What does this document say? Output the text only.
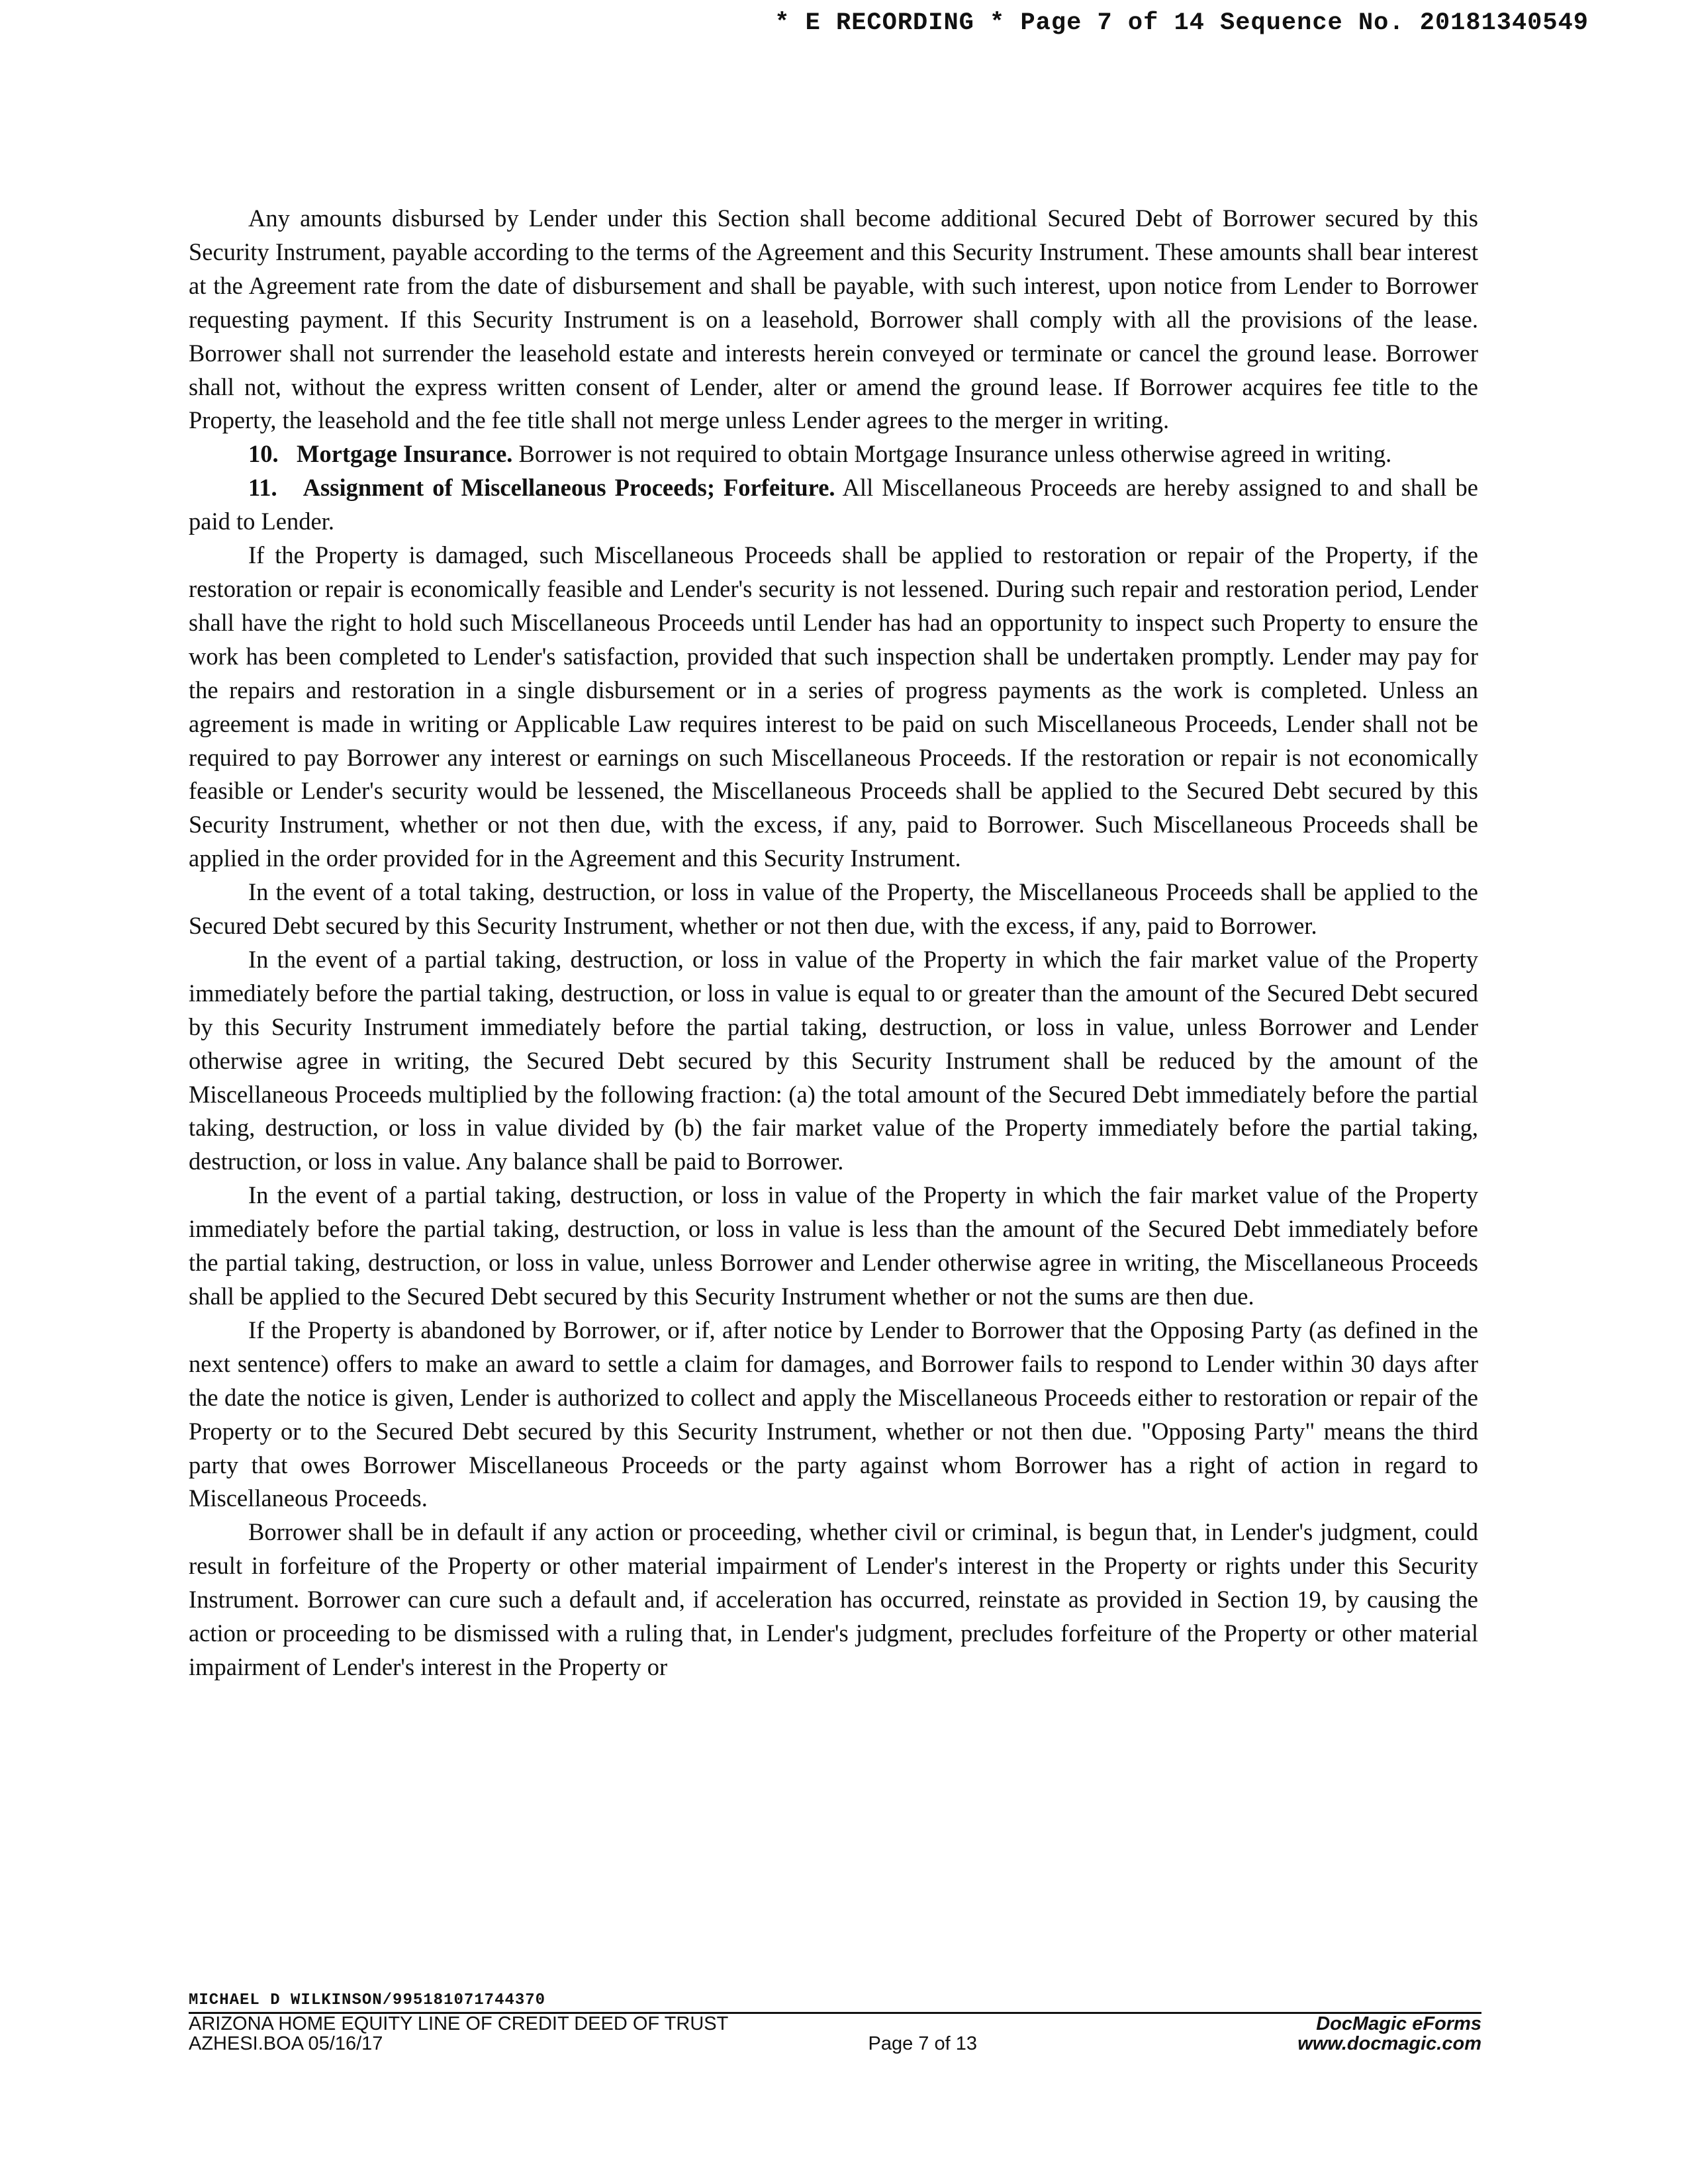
* E RECORDING * Page 7 of 14 Sequence No. 20181340549

Any amounts disbursed by Lender under this Section shall become additional Secured Debt of Borrower secured by this Security Instrument, payable according to the terms of the Agreement and this Security Instrument. These amounts shall bear interest at the Agreement rate from the date of disbursement and shall be payable, with such interest, upon notice from Lender to Borrower requesting payment. If this Security Instrument is on a leasehold, Borrower shall comply with all the provisions of the lease. Borrower shall not surrender the leasehold estate and interests herein conveyed or terminate or cancel the ground lease. Borrower shall not, without the express written consent of Lender, alter or amend the ground lease. If Borrower acquires fee title to the Property, the leasehold and the fee title shall not merge unless Lender agrees to the merger in writing.

10. Mortgage Insurance. Borrower is not required to obtain Mortgage Insurance unless otherwise agreed in writing.

11. Assignment of Miscellaneous Proceeds; Forfeiture. All Miscellaneous Proceeds are hereby assigned to and shall be paid to Lender.

If the Property is damaged, such Miscellaneous Proceeds shall be applied to restoration or repair of the Property, if the restoration or repair is economically feasible and Lender's security is not lessened. During such repair and restoration period, Lender shall have the right to hold such Miscellaneous Proceeds until Lender has had an opportunity to inspect such Property to ensure the work has been completed to Lender's satisfaction, provided that such inspection shall be undertaken promptly. Lender may pay for the repairs and restoration in a single disbursement or in a series of progress payments as the work is completed. Unless an agreement is made in writing or Applicable Law requires interest to be paid on such Miscellaneous Proceeds, Lender shall not be required to pay Borrower any interest or earnings on such Miscellaneous Proceeds. If the restoration or repair is not economically feasible or Lender's security would be lessened, the Miscellaneous Proceeds shall be applied to the Secured Debt secured by this Security Instrument, whether or not then due, with the excess, if any, paid to Borrower. Such Miscellaneous Proceeds shall be applied in the order provided for in the Agreement and this Security Instrument.

In the event of a total taking, destruction, or loss in value of the Property, the Miscellaneous Proceeds shall be applied to the Secured Debt secured by this Security Instrument, whether or not then due, with the excess, if any, paid to Borrower.

In the event of a partial taking, destruction, or loss in value of the Property in which the fair market value of the Property immediately before the partial taking, destruction, or loss in value is equal to or greater than the amount of the Secured Debt secured by this Security Instrument immediately before the partial taking, destruction, or loss in value, unless Borrower and Lender otherwise agree in writing, the Secured Debt secured by this Security Instrument shall be reduced by the amount of the Miscellaneous Proceeds multiplied by the following fraction: (a) the total amount of the Secured Debt immediately before the partial taking, destruction, or loss in value divided by (b) the fair market value of the Property immediately before the partial taking, destruction, or loss in value. Any balance shall be paid to Borrower.

In the event of a partial taking, destruction, or loss in value of the Property in which the fair market value of the Property immediately before the partial taking, destruction, or loss in value is less than the amount of the Secured Debt immediately before the partial taking, destruction, or loss in value, unless Borrower and Lender otherwise agree in writing, the Miscellaneous Proceeds shall be applied to the Secured Debt secured by this Security Instrument whether or not the sums are then due.

If the Property is abandoned by Borrower, or if, after notice by Lender to Borrower that the Opposing Party (as defined in the next sentence) offers to make an award to settle a claim for damages, and Borrower fails to respond to Lender within 30 days after the date the notice is given, Lender is authorized to collect and apply the Miscellaneous Proceeds either to restoration or repair of the Property or to the Secured Debt secured by this Security Instrument, whether or not then due. "Opposing Party" means the third party that owes Borrower Miscellaneous Proceeds or the party against whom Borrower has a right of action in regard to Miscellaneous Proceeds.

Borrower shall be in default if any action or proceeding, whether civil or criminal, is begun that, in Lender's judgment, could result in forfeiture of the Property or other material impairment of Lender's interest in the Property or rights under this Security Instrument. Borrower can cure such a default and, if acceleration has occurred, reinstate as provided in Section 19, by causing the action or proceeding to be dismissed with a ruling that, in Lender's judgment, precludes forfeiture of the Property or other material impairment of Lender's interest in the Property or

MICHAEL D WILKINSON/995181071744370
ARIZONA HOME EQUITY LINE OF CREDIT DEED OF TRUST
AZHESI.BOA 05/16/17	Page 7 of 13
DocMagic eForms
www.docmagic.com
